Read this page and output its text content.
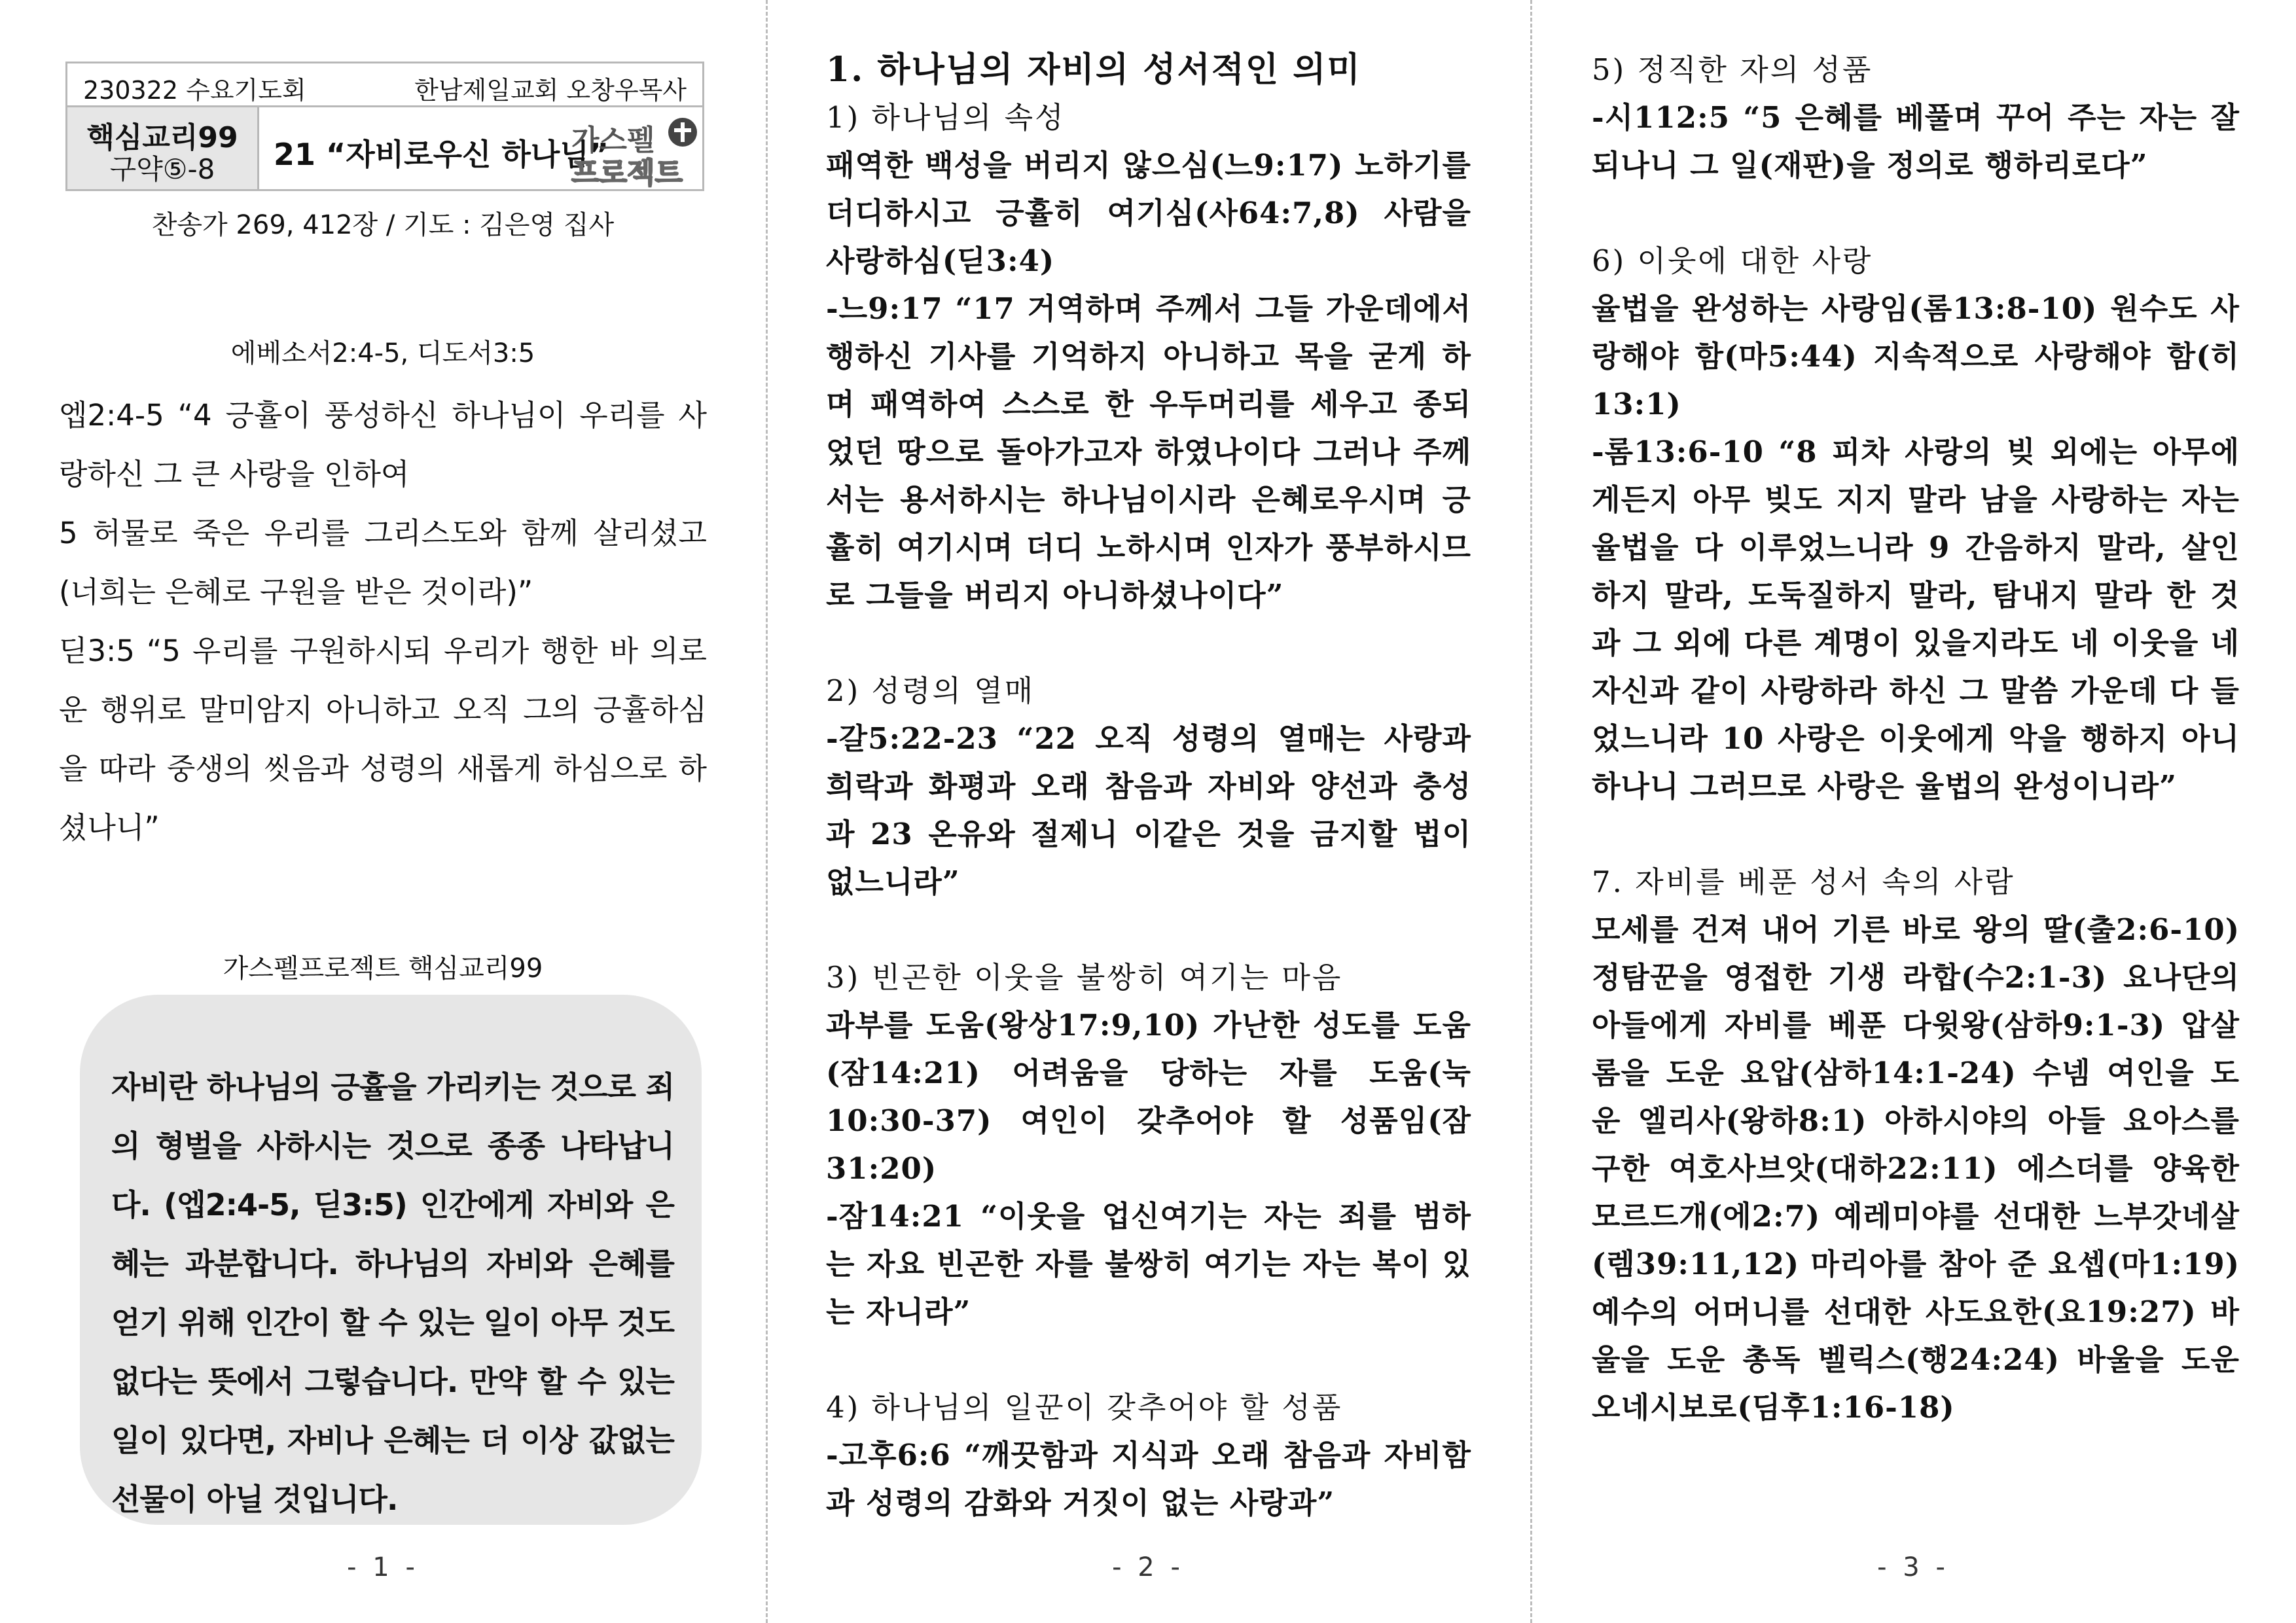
230322 수요기도회	한남제일교회 오창우목사
핵심교리99
구약⑤-8	21 “자비로우신 하나님”
가스펠
프로젝트
찬송가 269, 412장 / 기도 : 김은영 집사
에베소서2:4-5, 디도서3:5

엡2:4-5 “4 긍휼이 풍성하신 하나님이 우리를 사랑하신 그 큰 사랑을 인하여

5 허물로 죽은 우리를 그리스도와 함께 살리셨고 (너희는 은혜로 구원을 받은 것이라)”

딛3:5 “5 우리를 구원하시되 우리가 행한 바 의로운 행위로 말미암지 아니하고 오직 그의 긍휼하심을 따라 중생의 씻음과 성령의 새롭게 하심으로 하셨나니”

가스펠프로젝트 핵심교리99
자비란 하나님의 긍휼을 가리키는 것으로 죄의 형벌을 사하시는 것으로 종종 나타납니다. (엡2:4-5, 딛3:5) 인간에게 자비와 은혜는 과분합니다. 하나님의 자비와 은혜를 얻기 위해 인간이 할 수 있는 일이 아무 것도 없다는 뜻에서 그렇습니다. 만약 할 수 있는 일이 있다면, 자비나 은혜는 더 이상 값없는 선물이 아닐 것입니다.
- 1 -

1. 하나님의 자비의 성서적인 의미

1) 하나님의 속성

패역한 백성을 버리지 않으심(느9:17) 노하기를 더디하시고 긍휼히 여기심(사64:7,8) 사람을 사랑하심(딛3:4)

-느9:17 “17 거역하며 주께서 그들 가운데에서 행하신 기사를 기억하지 아니하고 목을 굳게 하며 패역하여 스스로 한 우두머리를 세우고 종되었던 땅으로 돌아가고자 하였나이다 그러나 주께서는 용서하시는 하나님이시라 은혜로우시며 긍휼히 여기시며 더디 노하시며 인자가 풍부하시므로 그들을 버리지 아니하셨나이다”

2) 성령의 열매

-갈5:22-23 “22 오직 성령의 열매는 사랑과 희락과 화평과 오래 참음과 자비와 양선과 충성과 23 온유와 절제니 이같은 것을 금지할 법이 없느니라”

3) 빈곤한 이웃을 불쌍히 여기는 마음

과부를 도움(왕상17:9,10) 가난한 성도를 도움(잠14:21) 어려움을 당하는 자를 도움(눅10:30-37) 여인이 갖추어야 할 성품임(잠31:20)

-잠14:21 “이웃을 업신여기는 자는 죄를 범하는 자요 빈곤한 자를 불쌍히 여기는 자는 복이 있는 자니라”

4) 하나님의 일꾼이 갖추어야 할 성품

-고후6:6 “깨끗함과 지식과 오래 참음과 자비함과 성령의 감화와 거짓이 없는 사랑과”

- 2 -

5) 정직한 자의 성품

-시112:5 “5 은혜를 베풀며 꾸어 주는 자는 잘 되나니 그 일(재판)을 정의로 행하리로다”

6) 이웃에 대한 사랑

율법을 완성하는 사랑임(롬13:8-10) 원수도 사랑해야 함(마5:44) 지속적으로 사랑해야 함(히13:1)

-롬13:6-10 “8 피차 사랑의 빚 외에는 아무에게든지 아무 빚도 지지 말라 남을 사랑하는 자는 율법을 다 이루었느니라 9 간음하지 말라, 살인하지 말라, 도둑질하지 말라, 탐내지 말라 한 것과 그 외에 다른 계명이 있을지라도 네 이웃을 네 자신과 같이 사랑하라 하신 그 말씀 가운데 다 들었느니라 10 사랑은 이웃에게 악을 행하지 아니하나니 그러므로 사랑은 율법의 완성이니라”

7. 자비를 베푼 성서 속의 사람

모세를 건져 내어 기른 바로 왕의 딸(출2:6-10) 정탐꾼을 영접한 기생 라합(수2:1-3) 요나단의 아들에게 자비를 베푼 다윗왕(삼하9:1-3) 압살롬을 도운 요압(삼하14:1-24) 수넴 여인을 도운 엘리사(왕하8:1) 아하시야의 아들 요아스를 구한 여호사브앗(대하22:11) 에스더를 양육한 모르드개(에2:7) 예레미야를 선대한 느부갓네살(렘39:11,12) 마리아를 참아 준 요셉(마1:19) 예수의 어머니를 선대한 사도요한(요19:27) 바울을 도운 총독 벨릭스(행24:24) 바울을 도운 오네시보로(딤후1:16-18)

- 3 -
